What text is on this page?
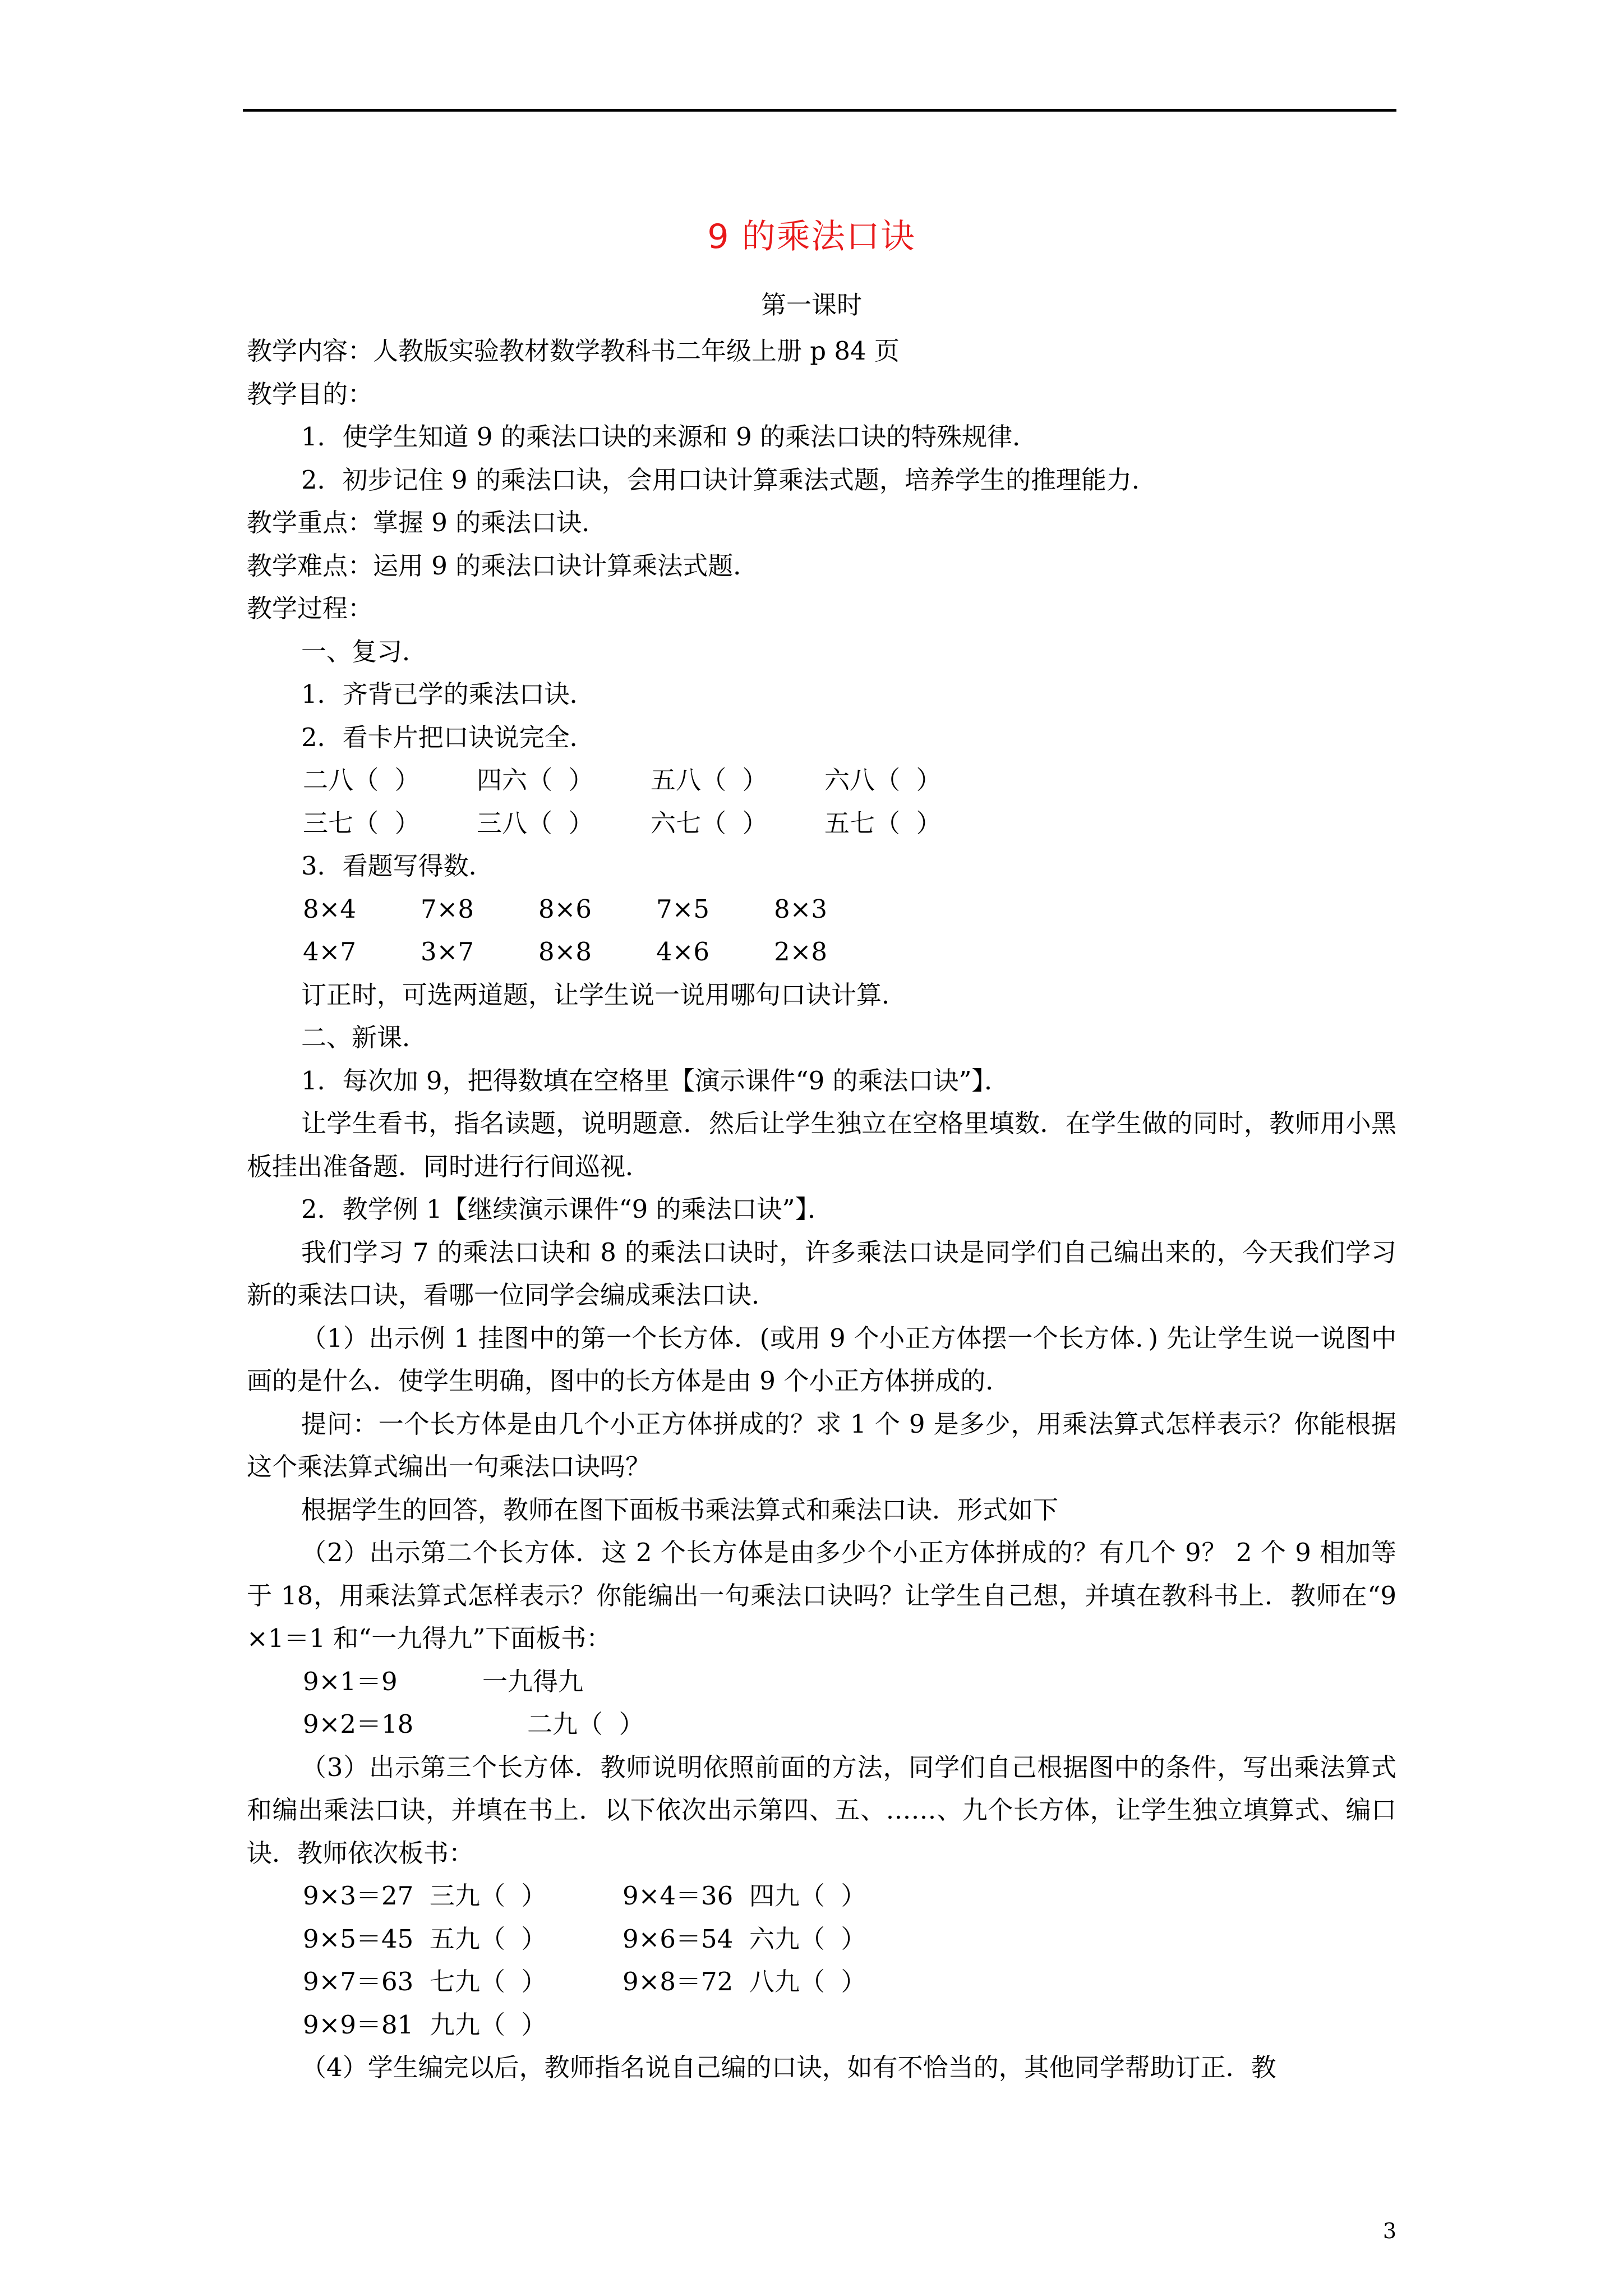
9 的乘法口诀
第一课时

教学内容：人教版实验教材数学教科书二年级上册 p 84 页

教学目的：

1．使学生知道 9 的乘法口诀的来源和 9 的乘法口诀的特殊规律．

2．初步记住 9 的乘法口诀，会用口诀计算乘法式题，培养学生的推理能力．

教学重点：掌握 9 的乘法口诀．

教学难点：运用 9 的乘法口诀计算乘法式题．

教学过程：

一、复习．

1．齐背已学的乘法口诀．

2．看卡片把口诀说完全．

二八（  ）	四六（  ）	五八（  ）	六八（  ）
三七（  ）	三八（  ）	六七（  ）	五七（  ）

3．看题写得数．

8×4	7×8	8×6	7×5	8×3
4×7	3×7	8×8	4×6	2×8

订正时，可选两道题，让学生说一说用哪句口诀计算．

二、新课．

1．每次加 9，把得数填在空格里【演示课件“9 的乘法口诀”】．

让学生看书，指名读题，说明题意．然后让学生独立在空格里填数．在学生做的同时，教师用小黑板挂出准备题．同时进行行间巡视．

2．教学例 1【继续演示课件“9 的乘法口诀”】．

我们学习 7 的乘法口诀和 8 的乘法口诀时，许多乘法口诀是同学们自己编出来的，今天我们学习新的乘法口诀，看哪一位同学会编成乘法口诀．

（1）出示例 1 挂图中的第一个长方体．(或用 9 个小正方体摆一个长方体．) 先让学生说一说图中画的是什么．使学生明确，图中的长方体是由 9 个小正方体拼成的．

提问：一个长方体是由几个小正方体拼成的？求 1 个 9 是多少，用乘法算式怎样表示？你能根据这个乘法算式编出一句乘法口诀吗？

根据学生的回答，教师在图下面板书乘法算式和乘法口诀．形式如下

（2）出示第二个长方体．这 2 个长方体是由多少个小正方体拼成的？有几个 9？ 2 个 9 相加等于 18，用乘法算式怎样表示？你能编出一句乘法口诀吗？让学生自己想，并填在教科书上．教师在“9×1＝1 和“一九得九”下面板书：

9×1＝9	一九得九
9×2＝18	二九（  ）

（3）出示第三个长方体．教师说明依照前面的方法，同学们自己根据图中的条件，写出乘法算式和编出乘法口诀，并填在书上．以下依次出示第四、五、……、九个长方体，让学生独立填算式、编口诀．教师依次板书：

9×3＝27  三九（  ）	9×4＝36  四九（  ）
9×5＝45  五九（  ）	9×6＝54  六九（  ）
9×7＝63  七九（  ）	9×8＝72  八九（  ）
9×9＝81  九九（  ）

（4）学生编完以后，教师指名说自己编的口诀，如有不恰当的，其他同学帮助订正．教

3
